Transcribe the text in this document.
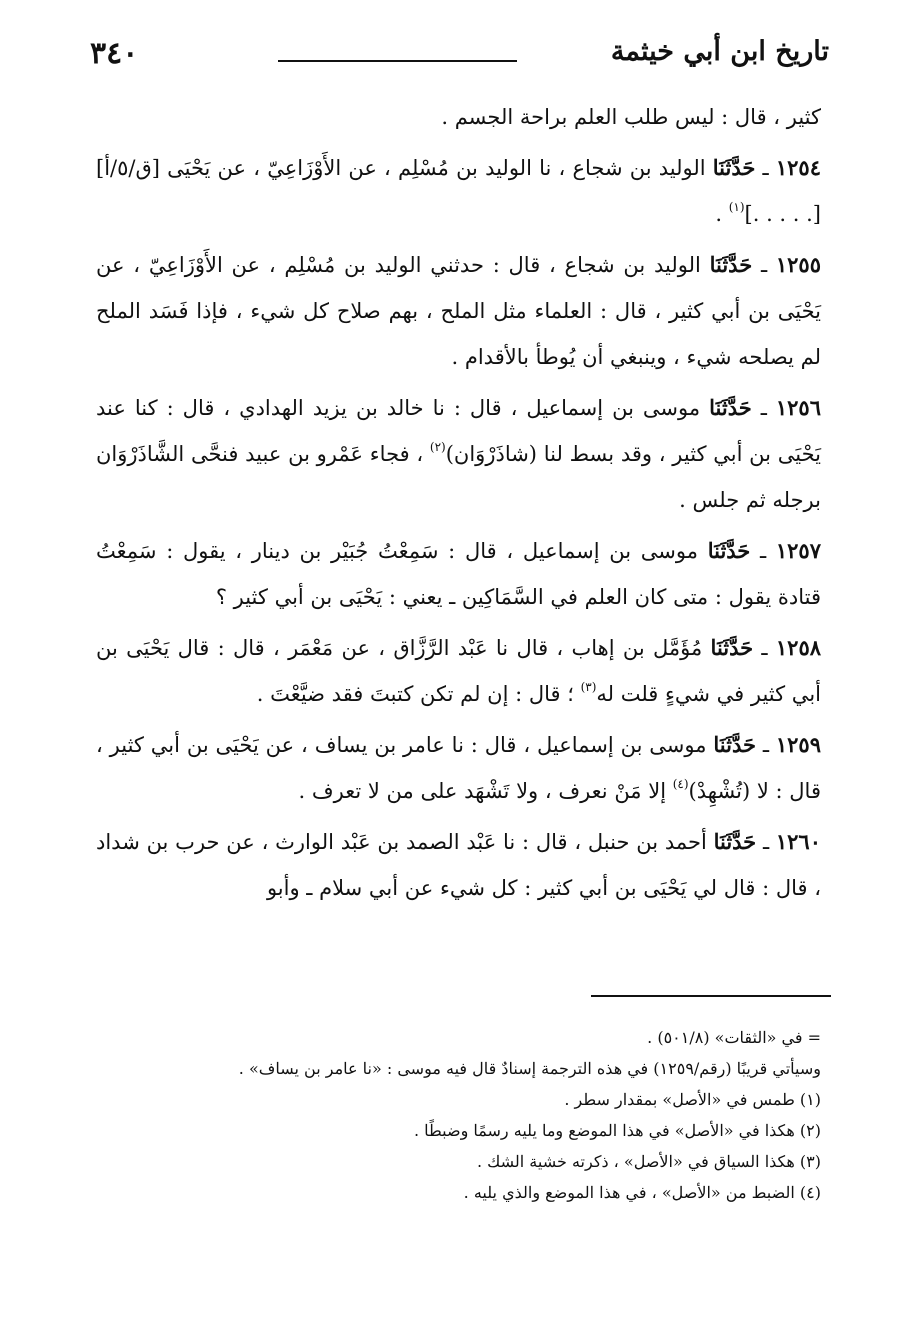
تاريخ ابن أبي خيثمة
٣٤٠

كثير ، قال : ليس طلب العلم براحة الجسم .

١٢٥٤ ـ حَدَّثَنَا الوليد بن شجاع ، نا الوليد بن مُسْلِم ، عن الأَوْزَاعِيّ ، عن يَحْيَى [ق/٥/أ] [. . . . .]$^{(١)}$ .

١٢٥٥ ـ حَدَّثَنَا الوليد بن شجاع ، قال : حدثني الوليد بن مُسْلِم ، عن الأَوْزَاعِيّ ، عن يَحْيَى بن أبي كثير ، قال : العلماء مثل الملح ، بهم صلاح كل شيء ، فإذا فَسَد الملح لم يصلحه شيء ، وينبغي أن يُوطأ بالأقدام .

١٢٥٦ ـ حَدَّثَنَا موسى بن إسماعيل ، قال : نا خالد بن يزيد الهدادي ، قال : كنا عند يَحْيَى بن أبي كثير ، وقد بسط لنا (شاذَرْوَان)$^{(٢)}$ ، فجاء عَمْرو بن عبيد فنحَّى الشَّاذَرْوَان برجله ثم جلس .

١٢٥٧ ـ حَدَّثَنَا موسى بن إسماعيل ، قال : سَمِعْتُ جُبَيْر بن دينار ، يقول : سَمِعْتُ قتادة يقول : متى كان العلم في السَّمَاكِين ـ يعني : يَحْيَى بن أبي كثير ؟

١٢٥٨ ـ حَدَّثَنَا مُؤَمَّل بن إهاب ، قال نا عَبْد الرَّزَّاق ، عن مَعْمَر ، قال : قال يَحْيَى بن أبي كثير في شيءٍ قلت له$^{(٣)}$ ؛ قال : إن لم تكن كتبتَ فقد ضيَّعْتَ .

١٢٥٩ ـ حَدَّثَنَا موسى بن إسماعيل ، قال : نا عامر بن يساف ، عن يَحْيَى بن أبي كثير ، قال : لا (تُشْهِدْ)$^{(٤)}$ إلا مَنْ نعرف ، ولا تَشْهَد على من لا تعرف .

١٢٦٠ ـ حَدَّثَنَا أحمد بن حنبل ، قال : نا عَبْد الصمد بن عَبْد الوارث ، عن حرب بن شداد ، قال : قال لي يَحْيَى بن أبي كثير : كل شيء عن أبي سلام ـ وأبو

= في «الثقات» (٥٠١/٨) .

وسيأتي قريبًا (رقم/١٢٥٩) في هذه الترجمة إسنادٌ قال فيه موسى : «نا عامر بن يساف» .

(١) طمس في «الأصل» بمقدار سطر .

(٢) هكذا في «الأصل» في هذا الموضع وما يليه رسمًا وضبطًا .

(٣) هكذا السياق في «الأصل» ، ذكرته خشية الشك .

(٤) الضبط من «الأصل» ، في هذا الموضع والذي يليه .
